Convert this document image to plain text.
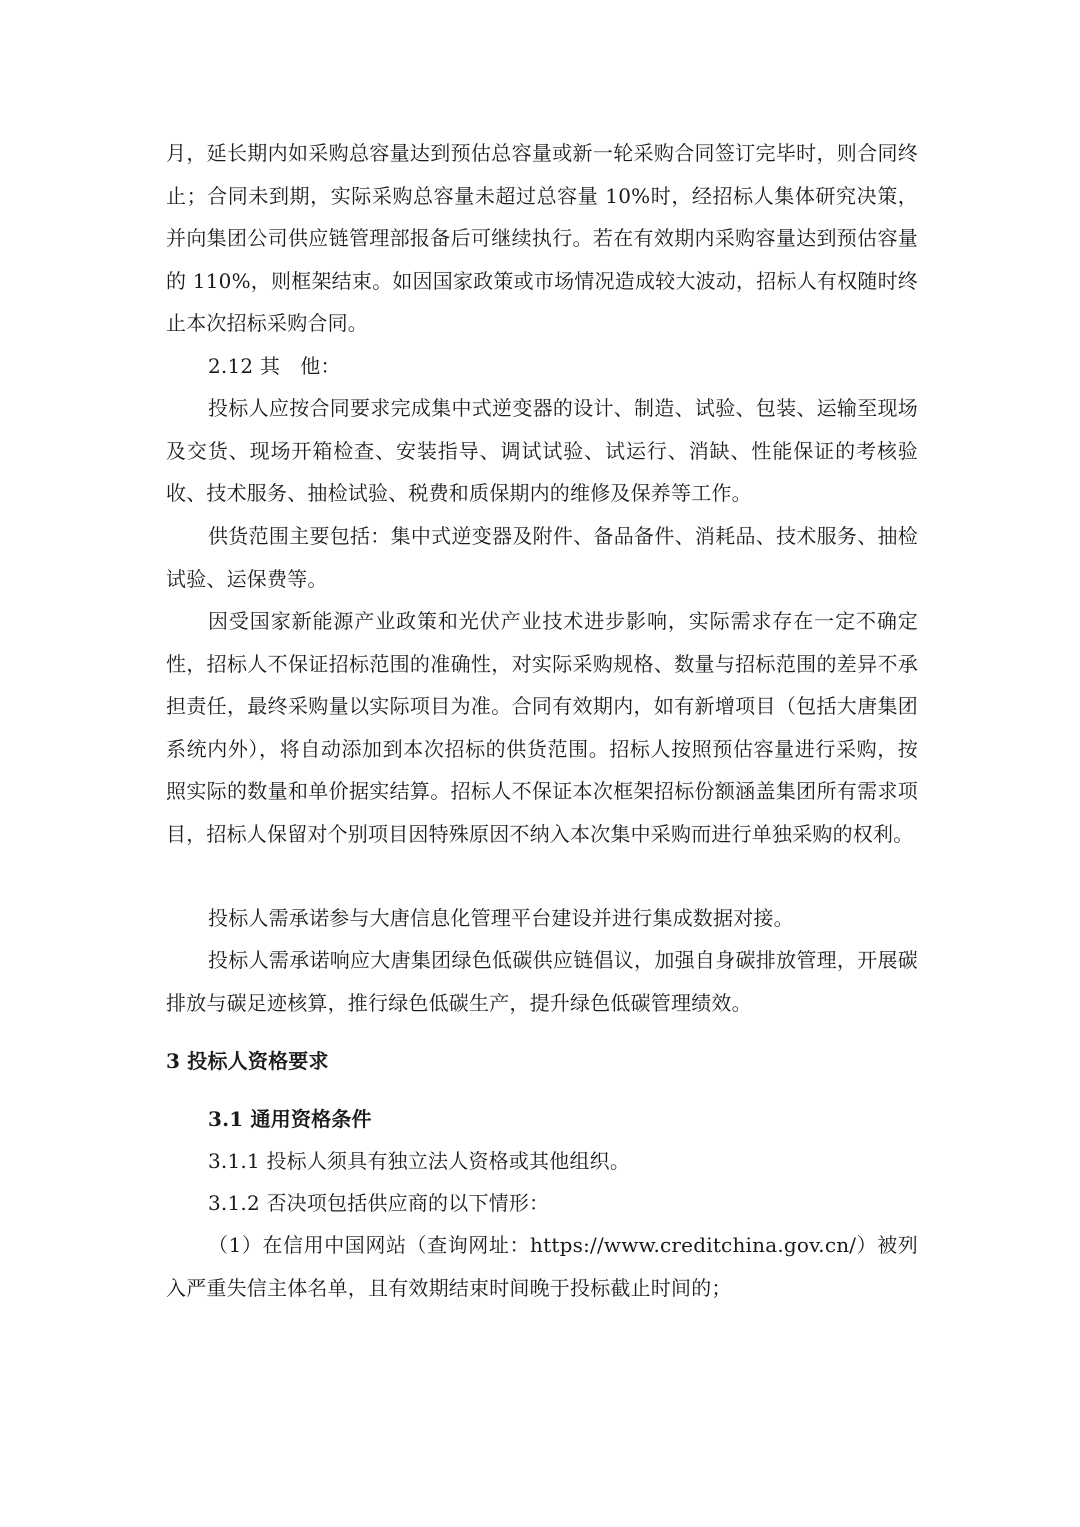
月，延长期内如采购总容量达到预估总容量或新一轮采购合同签订完毕时，则合同终止；合同未到期，实际采购总容量未超过总容量 10%时，经招标人集体研究决策，并向集团公司供应链管理部报备后可继续执行。若在有效期内采购容量达到预估容量的 110%，则框架结束。如因国家政策或市场情况造成较大波动，招标人有权随时终止本次招标采购合同。

2.12 其　他：

投标人应按合同要求完成集中式逆变器的设计、制造、试验、包装、运输至现场及交货、现场开箱检查、安装指导、调试试验、试运行、消缺、性能保证的考核验收、技术服务、抽检试验、税费和质保期内的维修及保养等工作。

供货范围主要包括：集中式逆变器及附件、备品备件、消耗品、技术服务、抽检试验、运保费等。

因受国家新能源产业政策和光伏产业技术进步影响，实际需求存在一定不确定性，招标人不保证招标范围的准确性，对实际采购规格、数量与招标范围的差异不承担责任，最终采购量以实际项目为准。合同有效期内，如有新增项目（包括大唐集团系统内外），将自动添加到本次招标的供货范围。招标人按照预估容量进行采购，按照实际的数量和单价据实结算。招标人不保证本次框架招标份额涵盖集团所有需求项目，招标人保留对个别项目因特殊原因不纳入本次集中采购而进行单独采购的权利。

投标人需承诺参与大唐信息化管理平台建设并进行集成数据对接。

投标人需承诺响应大唐集团绿色低碳供应链倡议，加强自身碳排放管理，开展碳排放与碳足迹核算，推行绿色低碳生产，提升绿色低碳管理绩效。

3 投标人资格要求

3.1 通用资格条件

3.1.1 投标人须具有独立法人资格或其他组织。

3.1.2 否决项包括供应商的以下情形：

（1）在信用中国网站（查询网址：https://www.creditchina.gov.cn/）被列入严重失信主体名单，且有效期结束时间晚于投标截止时间的；
